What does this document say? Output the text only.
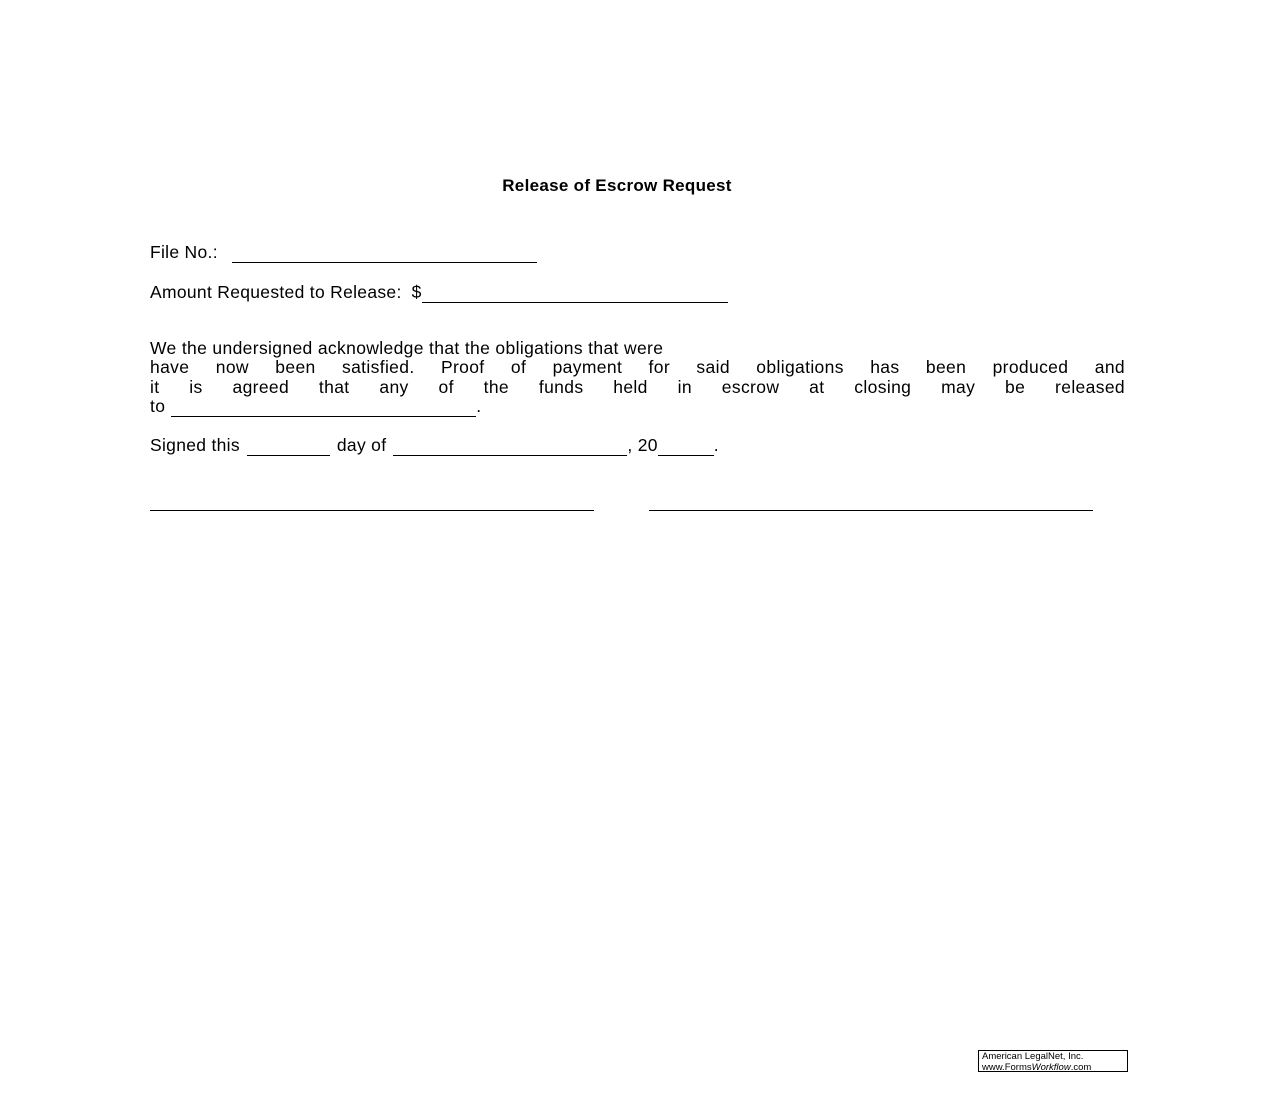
Release of Escrow Request
File No.:
Amount Requested to Release: $
We the undersigned acknowledge that the obligations that were
have now been satisfied. Proof of payment for said obligations has been produced and
it is agreed that any of the funds held in escrow at closing may be released
to	.
Signed this	day of	, 20	.
American LegalNet, Inc.
www.FormsWorkflow.com
